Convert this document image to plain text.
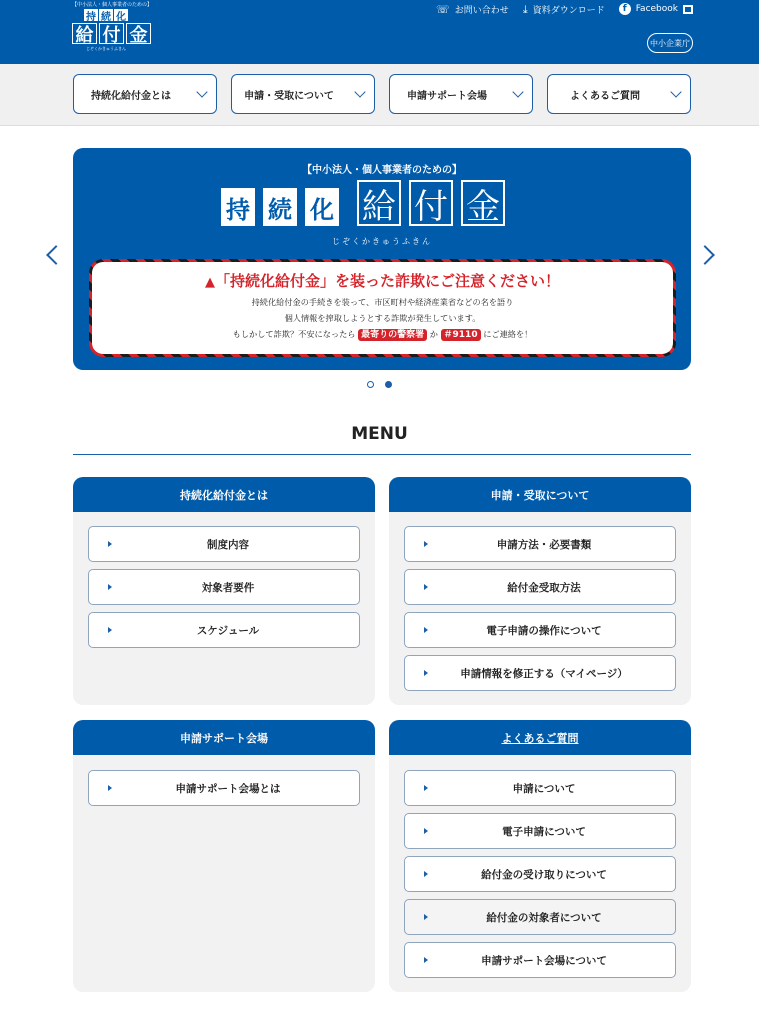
【中小法人・個人事業者のための】
持 続 化
給 付 金
じぞくかきゅうふきん
☏ お問い合わせ ⤓ 資料ダウンロード	f	Facebook
中小企業庁
持続化給付金とは	申請・受取について	申請サポート会場	よくあるご質問
【中小法人・個人事業者のための】
持 続 化 給 付 金
じぞくかきゅうふきん
▲「持続化給付金」を装った詐欺にご注意ください！
持続化給付金の手続きを装って、市区町村や経済産業省などの名を語り
個人情報を搾取しようとする詐欺が発生しています。
もしかして詐欺？不安になったら 最寄りの警察署 か ＃9110 にご連絡を！
MENU
持続化給付金とは
制度内容
対象者要件
スケジュール
申請・受取について
申請方法・必要書類
給付金受取方法
電子申請の操作について
申請情報を修正する（マイページ）
申請サポート会場
申請サポート会場とは
よくあるご質問
申請について
電子申請について
給付金の受け取りについて
給付金の対象者について
申請サポート会場について
